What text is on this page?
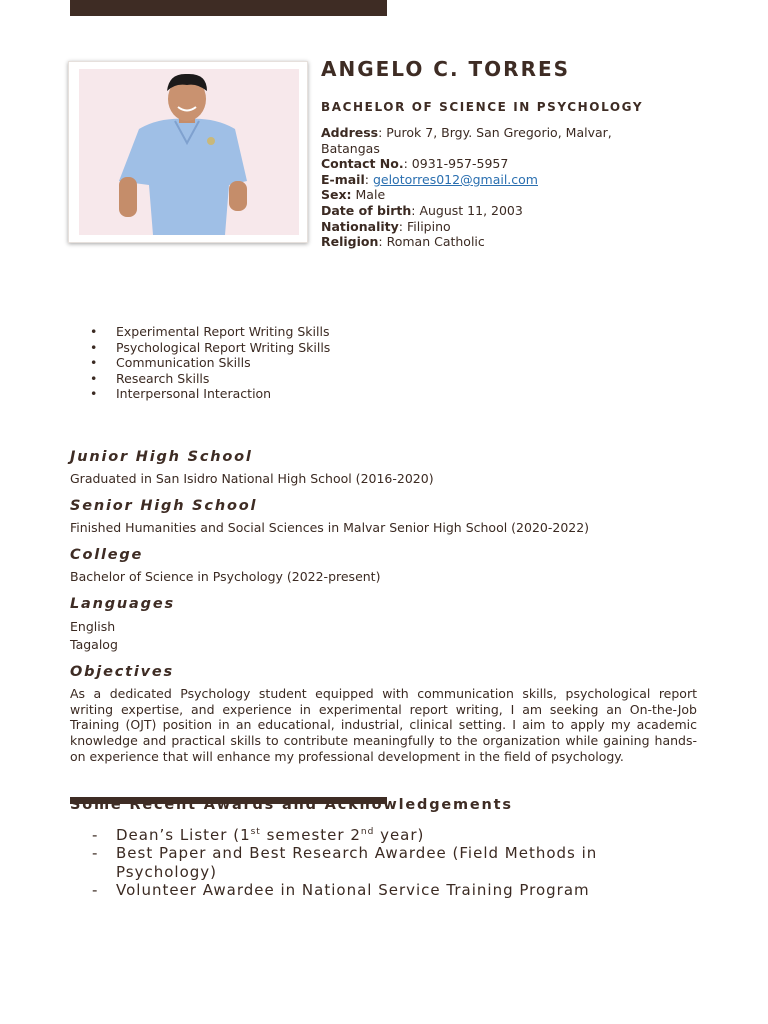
ANGELO C. TORRES
BACHELOR OF SCIENCE IN PSYCHOLOGY

Address: Purok 7, Brgy. San Gregorio, Malvar, Batangas

Contact No.: 0931-957-5957

E-mail: gelotorres012@gmail.com

Sex: Male

Date of birth: August 11, 2003

Nationality: Filipino

Religion: Roman Catholic

• Experimental Report Writing Skills
• Psychological Report Writing Skills
• Communication Skills
• Research Skills
• Interpersonal Interaction
Junior High School
Graduated in San Isidro National High School (2016-2020)
Senior High School
Finished Humanities and Social Sciences in Malvar Senior High School (2020-2022)
College
Bachelor of Science in Psychology (2022-present)
Languages
English
Tagalog
Objectives
As a dedicated Psychology student equipped with communication skills, psychological report writing expertise, and experience in experimental report writing, I am seeking an On-the-Job Training (OJT) position in an educational, industrial, clinical setting. I aim to apply my academic knowledge and practical skills to contribute meaningfully to the organization while gaining hands-on experience that will enhance my professional development in the field of psychology.
Some Recent Awards and Acknowledgements
- Dean’s Lister (1st semester 2nd year)
- Best Paper and Best Research Awardee (Field Methods in Psychology)
- Volunteer Awardee in National Service Training Program
